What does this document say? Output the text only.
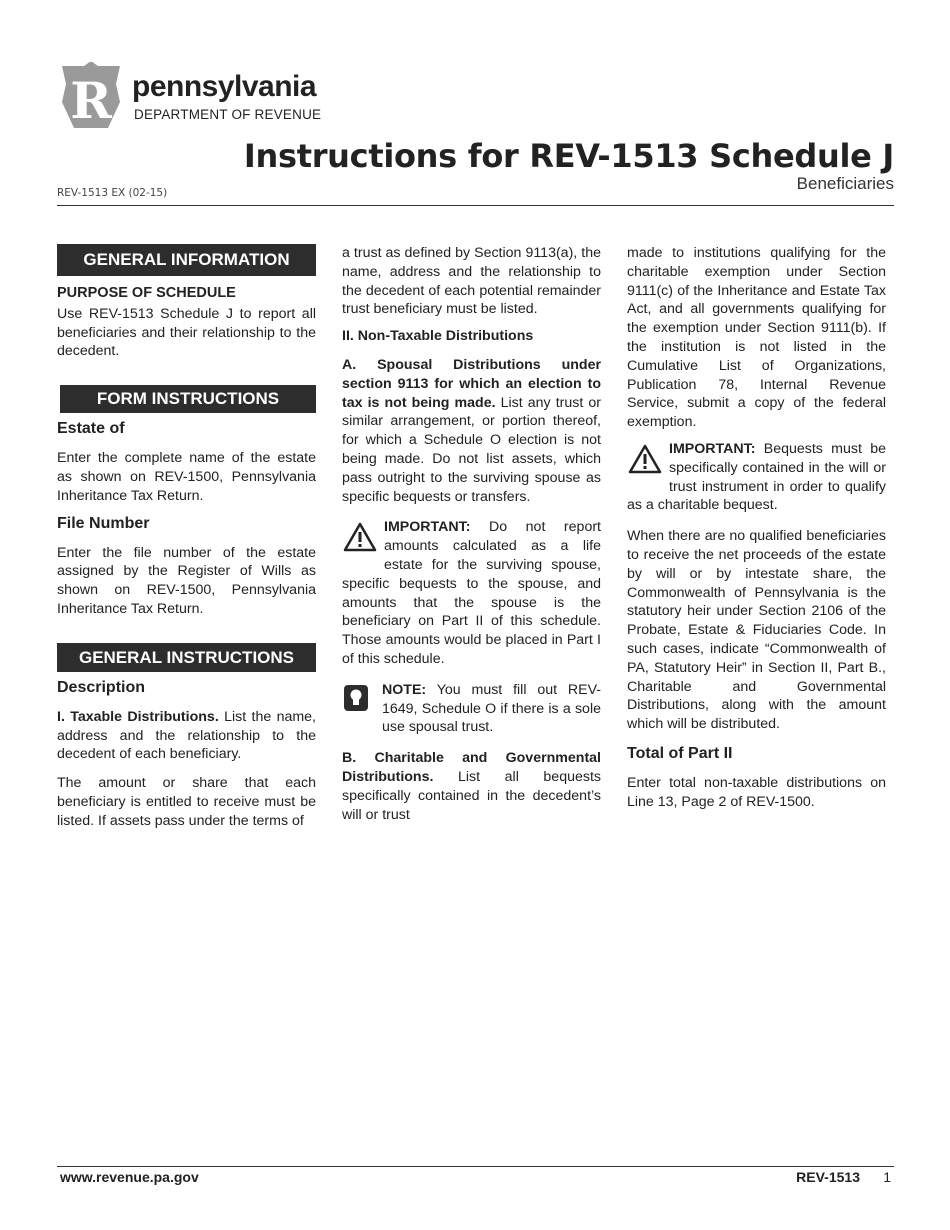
R pennsylvania
DEPARTMENT OF REVENUE
Instructions for REV-1513 Schedule J
Beneficiaries
REV-1513 EX (02-15)
GENERAL INFORMATION

PURPOSE OF SCHEDULE

Use REV-1513 Schedule J to report all beneficiaries and their relationship to the decedent.

FORM INSTRUCTIONS

Estate of

Enter the complete name of the estate as shown on REV-1500, Pennsylvania Inheritance Tax Return.

File Number

Enter the file number of the estate assigned by the Register of Wills as shown on REV-1500, Pennsylvania Inheritance Tax Return.

GENERAL INSTRUCTIONS

Description

I. Taxable Distributions. List the name, address and the relationship to the decedent of each beneficiary.

The amount or share that each beneficiary is entitled to receive must be listed. If assets pass under the terms of

a trust as defined by Section 9113(a), the name, address and the relationship to the decedent of each potential remainder trust beneficiary must be listed.

II. Non-Taxable Distributions

A. Spousal Distributions under section 9113 for which an election to tax is not being made. List any trust or similar arrangement, or portion thereof, for which a Schedule O election is not being made. Do not list assets, which pass outright to the surviving spouse as specific bequests or transfers.

IMPORTANT: Do not report amounts calculated as a life estate for the surviving spouse, specific bequests to the spouse, and amounts that the spouse is the beneficiary on Part II of this schedule. Those amounts would be placed in Part I of this schedule.

NOTE: You must fill out REV-1649, Schedule O if there is a sole use spousal trust.

B. Charitable and Governmental Distributions. List all bequests specifically contained in the decedent’s will or trust

made to institutions qualifying for the charitable exemption under Section 9111(c) of the Inheritance and Estate Tax Act, and all governments qualifying for the exemption under Section 9111(b). If the institution is not listed in the Cumulative List of Organizations, Publication 78, Internal Revenue Service, submit a copy of the federal exemption.

IMPORTANT: Bequests must be specifically contained in the will or trust instrument in order to qualify as a charitable bequest.

When there are no qualified beneficiaries to receive the net proceeds of the estate by will or by intestate share, the Commonwealth of Pennsylvania is the statutory heir under Section 2106 of the Probate, Estate & Fiduciaries Code. In such cases, indicate “Commonwealth of PA, Statutory Heir” in Section II, Part B., Charitable and Governmental Distributions, along with the amount which will be distributed.

Total of Part II

Enter total non-taxable distributions on Line 13, Page 2 of REV-1500.

www.revenue.pa.gov	REV-1513 1
